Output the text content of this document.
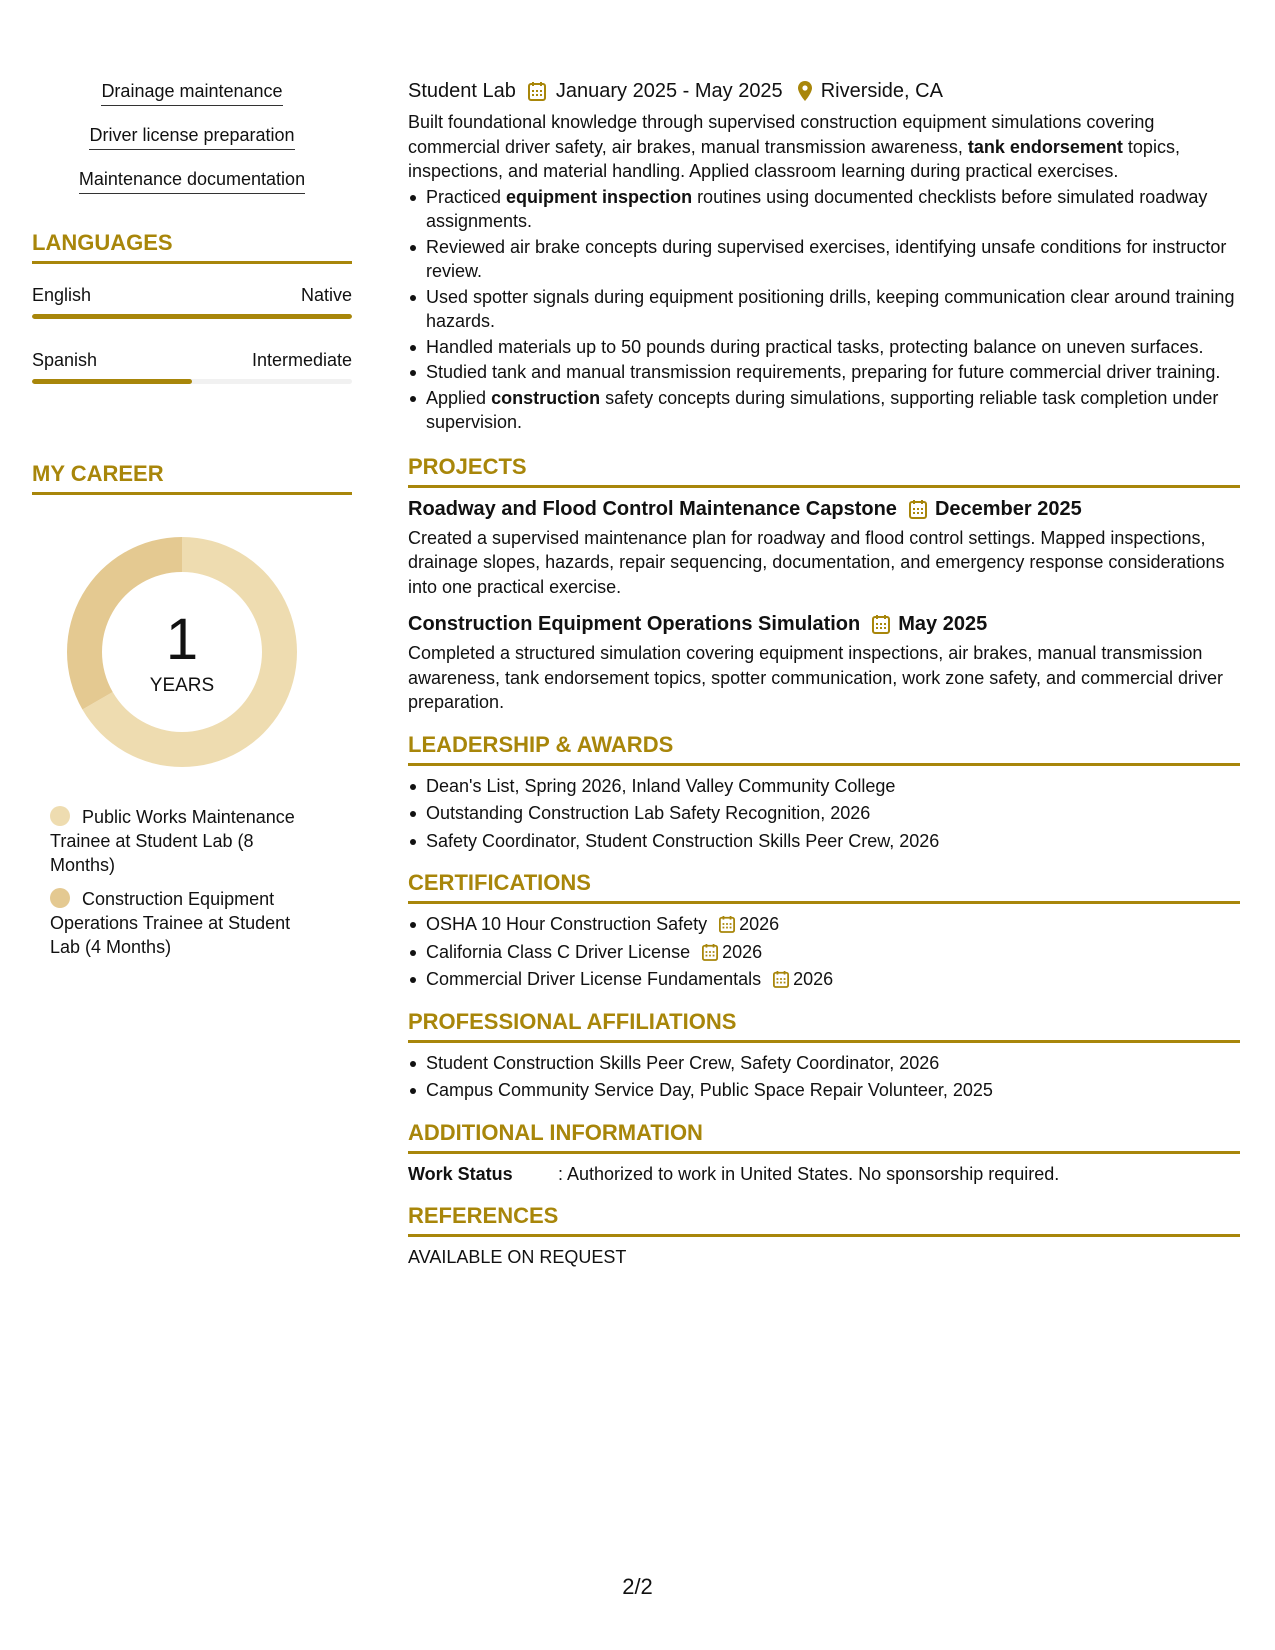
Drainage maintenance
Driver license preparation
Maintenance documentation
LANGUAGES
English	Native
Spanish	Intermediate
MY CAREER
1
YEARS
Public Works Maintenance Trainee at Student Lab (8 Months)
Construction Equipment Operations Trainee at Student Lab (4 Months)
Student Lab January 2025 - May 2025 Riverside, CA

Built foundational knowledge through supervised construction equipment simulations covering commercial driver safety, air brakes, manual transmission awareness, tank endorsement topics, inspections, and material handling. Applied classroom learning during practical exercises.

Practiced equipment inspection routines using documented checklists before simulated roadway assignments.
Reviewed air brake concepts during supervised exercises, identifying unsafe conditions for instructor review.
Used spotter signals during equipment positioning drills, keeping communication clear around training hazards.
Handled materials up to 50 pounds during practical tasks, protecting balance on uneven surfaces.
Studied tank and manual transmission requirements, preparing for future commercial driver training.
Applied construction safety concepts during simulations, supporting reliable task completion under supervision.
PROJECTS
Roadway and Flood Control Maintenance Capstone December 2025

Created a supervised maintenance plan for roadway and flood control settings. Mapped inspections, drainage slopes, hazards, repair sequencing, documentation, and emergency response considerations into one practical exercise.

Construction Equipment Operations Simulation May 2025

Completed a structured simulation covering equipment inspections, air brakes, manual transmission awareness, tank endorsement topics, spotter communication, work zone safety, and commercial driver preparation.

LEADERSHIP & AWARDS
Dean's List, Spring 2026, Inland Valley Community College
Outstanding Construction Lab Safety Recognition, 2026
Safety Coordinator, Student Construction Skills Peer Crew, 2026
CERTIFICATIONS
OSHA 10 Hour Construction Safety 2026
California Class C Driver License 2026
Commercial Driver License Fundamentals 2026
PROFESSIONAL AFFILIATIONS
Student Construction Skills Peer Crew, Safety Coordinator, 2026
Campus Community Service Day, Public Space Repair Volunteer, 2025
ADDITIONAL INFORMATION
Work Status	: Authorized to work in United States. No sponsorship required.
REFERENCES

AVAILABLE ON REQUEST

2/2
